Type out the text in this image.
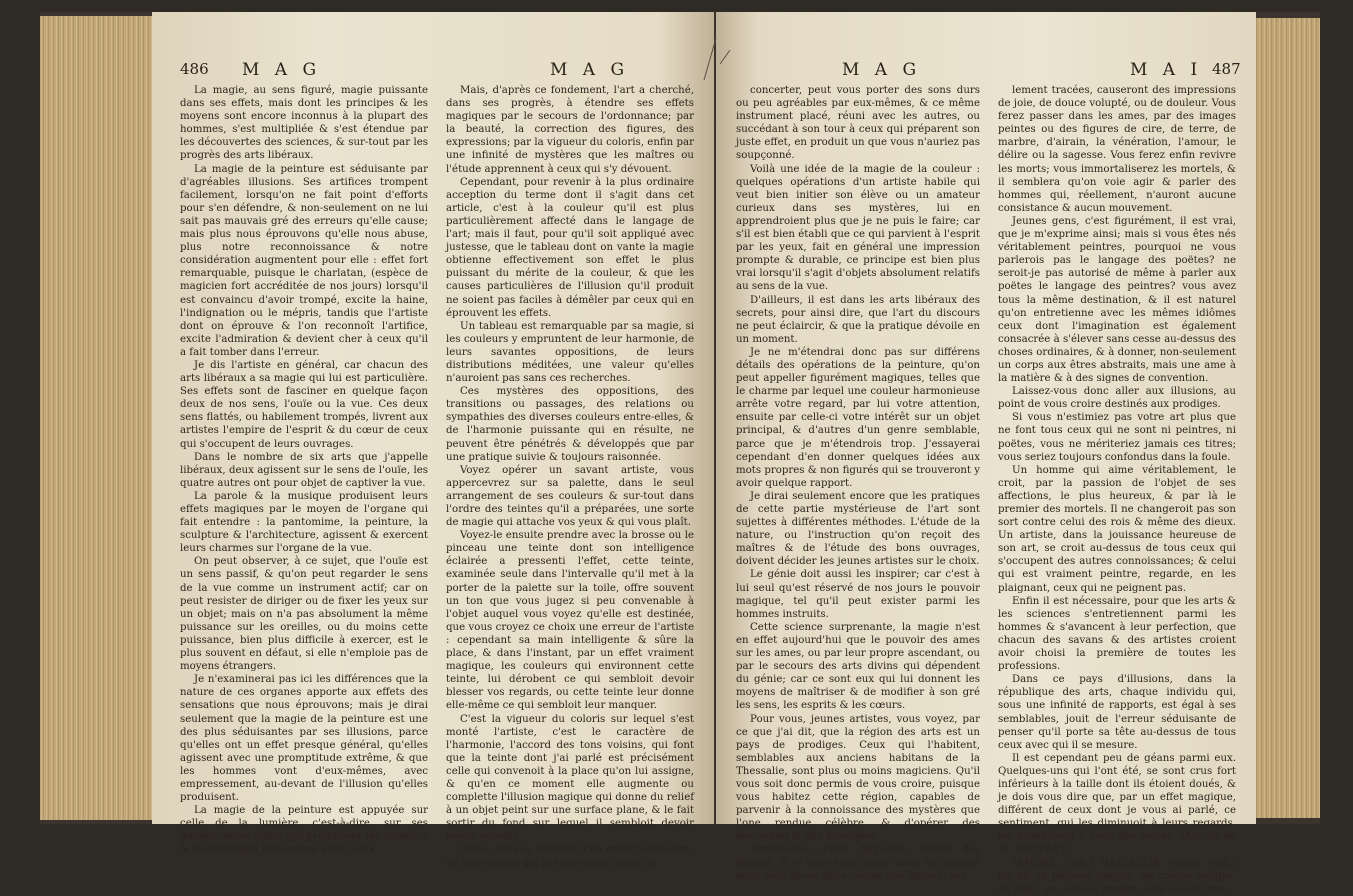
486 M A G	M A G

La magie, au sens figuré, magie puissante dans ses effets, mais dont les principes & les moyens sont encore inconnus à la plupart des hommes, s'est multipliée & s'est étendue par les découvertes des sciences, & sur-tout par les progrès des arts libéraux.

La magie de la peinture est séduisante par d'agréables illusions. Ses artifices trompent facilement, lorsqu'on ne fait point d'efforts pour s'en défendre, & non-seulement on ne lui sait pas mauvais gré des erreurs qu'elle cause; mais plus nous éprouvons qu'elle nous abuse, plus notre reconnoissance & notre considération augmentent pour elle : effet fort remarquable, puisque le charlatan, (espèce de magicien fort accréditée de nos jours) lorsqu'il est convaincu d'avoir trompé, excite la haine, l'indignation ou le mépris, tandis que l'artiste dont on éprouve & l'on reconnoît l'artifice, excite l'admiration & devient cher à ceux qu'il a fait tomber dans l'erreur.

Je dis l'artiste en général, car chacun des arts libéraux a sa magie qui lui est particulière. Ses effets sont de fasciner en quelque façon deux de nos sens, l'ouïe ou la vue. Ces deux sens flattés, ou habilement trompés, livrent aux artistes l'empire de l'esprit & du cœur de ceux qui s'occupent de leurs ouvrages.

Dans le nombre de six arts que j'appelle libéraux, deux agissent sur le sens de l'ouïe, les quatre autres ont pour objet de captiver la vue.

La parole & la musique produisent leurs effets magiques par le moyen de l'organe qui fait entendre : la pantomime, la peinture, la sculpture & l'architecture, agissent & exercent leurs charmes sur l'organe de la vue.

On peut observer, à ce sujet, que l'ouïe est un sens passif, & qu'on peut regarder le sens de la vue comme un instrument actif; car on peut resister de diriger ou de fixer les yeux sur un objet; mais on n'a pas absolument la même puissance sur les oreilles, ou du moins cette puissance, bien plus difficile à exercer, est le plus souvent en défaut, si elle n'emploie pas de moyens étrangers.

Je n'examinerai pas ici les différences que la nature de ces organes apporte aux effets des sensations que nous éprouvons; mais je dirai seulement que la magie de la peinture est une des plus séduisantes par ses illusions, parce qu'elles ont un effet presque général, qu'elles agissent avec une promptitude extrême, & que les hommes vont d'eux-mêmes, avec empressement, au-devant de l'illusion qu'elles produisent.

La magie de la peinture est appuyée sur celle de la lumière, c'est-à-dire, sur ses innombrables effets qui produisent les couleurs & les modifient sans cesse à nos yeux.

Mais, d'après ce fondement, l'art a cherché, dans ses progrès, à étendre ses effets magiques par le secours de l'ordonnance; par la beauté, la correction des figures, des expressions; par la vigueur du coloris, enfin par une infinité de mystères que les maîtres ou l'étude apprennent à ceux qui s'y dévouent.

Cependant, pour revenir à la plus ordinaire acception du terme dont il s'agit dans cet article, c'est à la couleur qu'il est plus particulièrement affecté dans le langage de l'art; mais il faut, pour qu'il soit appliqué avec justesse, que le tableau dont on vante la magie obtienne effectivement son effet le plus puissant du mérite de la couleur, & que les causes particulières de l'illusion qu'il produit ne soient pas faciles à démêler par ceux qui en éprouvent les effets.

Un tableau est remarquable par sa magie, si les couleurs y empruntent de leur harmonie, de leurs savantes oppositions, de leurs distributions méditées, une valeur qu'elles n'auroient pas sans ces recherches.

Ces mystères des oppositions, des transitions ou passages, des relations ou sympathies des diverses couleurs entre-elles, & de l'harmonie puissante qui en résulte, ne peuvent être pénétrés & développés que par une pratique suivie & toujours raisonnée.

Voyez opérer un savant artiste, vous appercevrez sur sa palette, dans le seul arrangement de ses couleurs & sur-tout dans l'ordre des teintes qu'il a préparées, une sorte de magie qui attache vos yeux & qui vous plaît.

Voyez-le ensuite prendre avec la brosse ou le pinceau une teinte dont son intelligence éclairée a pressenti l'effet, cette teinte, examinée seule dans l'intervalle qu'il met à la porter de la palette sur la toile, offre souvent un ton que vous jugez si peu convenable à l'objet auquel vous voyez qu'elle est destinée, que vous croyez ce choix une erreur de l'artiste : cependant sa main intelligente & sûre la place, & dans l'instant, par un effet vraiment magique, les couleurs qui environnent cette teinte, lui dérobent ce qui sembloit devoir blesser vos regards, ou cette teinte leur donne elle-même ce qui sembloit leur manquer.

C'est la vigueur du coloris sur lequel s'est monté l'artiste, c'est le caractère de l'harmonie, l'accord des tons voisins, qui font que la teinte dont j'ai parlé est précisément celle qui convenoit à la place qu'on lui assigne, & qu'en ce moment elle augmente ou complette l'illusion magique qui donne du relief à un objet peint sur une surface plane, & le fait sortir du fond sur lequel il sembloit devoir rester attaché.

Ainsi, dans la réunion d'un grand orchestre, un instrument qui prélude seul, avant de

M A G	M A I 487

concerter, peut vous porter des sons durs ou peu agréables par eux-mêmes, & ce même instrument placé, réuni avec les autres, ou succédant à son tour à ceux qui préparent son juste effet, en produit un que vous n'auriez pas soupçonné.

Voilà une idée de la magie de la couleur : quelques opérations d'un artiste habile qui veut bien initier son élève ou un amateur curieux dans ses mystères, lui en apprendroient plus que je ne puis le faire; car s'il est bien établi que ce qui parvient à l'esprit par les yeux, fait en général une impression prompte & durable, ce principe est bien plus vrai lorsqu'il s'agit d'objets absolument relatifs au sens de la vue.

D'ailleurs, il est dans les arts libéraux des secrets, pour ainsi dire, que l'art du discours ne peut éclaircir, & que la pratique dévoile en un moment.

Je ne m'étendrai donc pas sur différens détails des opérations de la peinture, qu'on peut appeller figurément magiques, telles que le charme par lequel une couleur harmonieuse arrête votre regard, par lui votre attention, ensuite par celle-ci votre intérêt sur un objet principal, & d'autres d'un genre semblable, parce que je m'étendrois trop. J'essayerai cependant d'en donner quelques idées aux mots propres & non figurés qui se trouveront y avoir quelque rapport.

Je dirai seulement encore que les pratiques de cette partie mystérieuse de l'art sont sujettes à différentes méthodes. L'étude de la nature, ou l'instruction qu'on reçoit des maîtres & de l'étude des bons ouvrages, doivent décider les jeunes artistes sur le choix.

Le génie doit aussi les inspirer; car c'est à lui seul qu'est réservé de nos jours le pouvoir magique, tel qu'il peut exister parmi les hommes instruits.

Cette science surprenante, la magie n'est en effet aujourd'hui que le pouvoir des ames sur les ames, ou par leur propre ascendant, ou par le secours des arts divins qui dépendent du génie; car ce sont eux qui lui donnent les moyens de maîtriser & de modifier à son gré les sens, les esprits & les cœurs.

Pour vous, jeunes artistes, vous voyez, par ce que j'ai dit, que la région des arts est un pays de prodiges. Ceux qui l'habitent, semblables aux anciens habitans de la Thessalie, sont plus ou moins magiciens. Qu'il vous soit donc permis de vous croire, puisque vous habitez cette région, capables de parvenir à la connoissance des mystères que l'one rendue célèbre, & d'opérer des merveilles & des prestiges.

Armez-vous d'une baguette; tracez des figures, & si vous êtes initiés dans les secrets dont vous devez faire usage, ces figures, seu-

lement tracées, causeront des impressions de joie, de douce volupté, ou de douleur. Vous ferez passer dans les ames, par des images peintes ou des figures de cire, de terre, de marbre, d'airain, la vénération, l'amour, le délire ou la sagesse. Vous ferez enfin revivre les morts; vous immortaliserez les mortels, & il semblera qu'on voie agir & parler des hommes qui, réellement, n'auront aucune consistance & aucun mouvement.

Jeunes gens, c'est figurément, il est vrai, que je m'exprime ainsi; mais si vous êtes nés véritablement peintres, pourquoi ne vous parlerois pas le langage des poëtes? ne seroit-je pas autorisé de même à parler aux poëtes le langage des peintres? vous avez tous la même destination, & il est naturel qu'on entretienne avec les mêmes idiômes ceux dont l'imagination est également consacrée à s'élever sans cesse au-dessus des choses ordinaires, & à donner, non-seulement un corps aux êtres abstraits, mais une ame à la matière & à des signes de convention.

Laissez-vous donc aller aux illusions, au point de vous croire destinés aux prodiges.

Si vous n'estimiez pas votre art plus que ne font tous ceux qui ne sont ni peintres, ni poëtes, vous ne mériteriez jamais ces titres; vous seriez toujours confondus dans la foule.

Un homme qui aime véritablement, le croit, par la passion de l'objet de ses affections, le plus heureux, & par là le premier des mortels. Il ne changeroit pas son sort contre celui des rois & même des dieux. Un artiste, dans la jouissance heureuse de son art, se croit au-dessus de tous ceux qui s'occupent des autres connoissances; & celui qui est vraiment peintre, regarde, en les plaignant, ceux qui ne peignent pas.

Enfin il est nécessaire, pour que les arts & les sciences s'entretiennent parmi les hommes & s'avancent à leur perfection, que chacun des savans & des artistes croient avoir choisi la première de toutes les professions.

Dans ce pays d'illusions, dans la république des arts, chaque individu qui, sous une infinité de rapports, est égal à ses semblables, jouit de l'erreur séduisante de penser qu'il porte sa tête au-dessus de tous ceux avec qui il se mesure.

Il est cependant peu de géans parmi eux. Quelques-uns qui l'ont été, se sont crus fort inférieurs à la taille dont ils étoient doués, & je dois vous dire que, par un effet magique, différent de ceux dont je vous ai parlé, ce sentiment, qui les diminuoit à leurs regards, les grandissoit à ceux des autres. (Article de M. WATELET.)

MAIGRE, (adj.) MAIGREUR, (subst. fém.) On dit un pinceau maigre, un crayon maigre, un trait, un contour maigre, une touche mai-
